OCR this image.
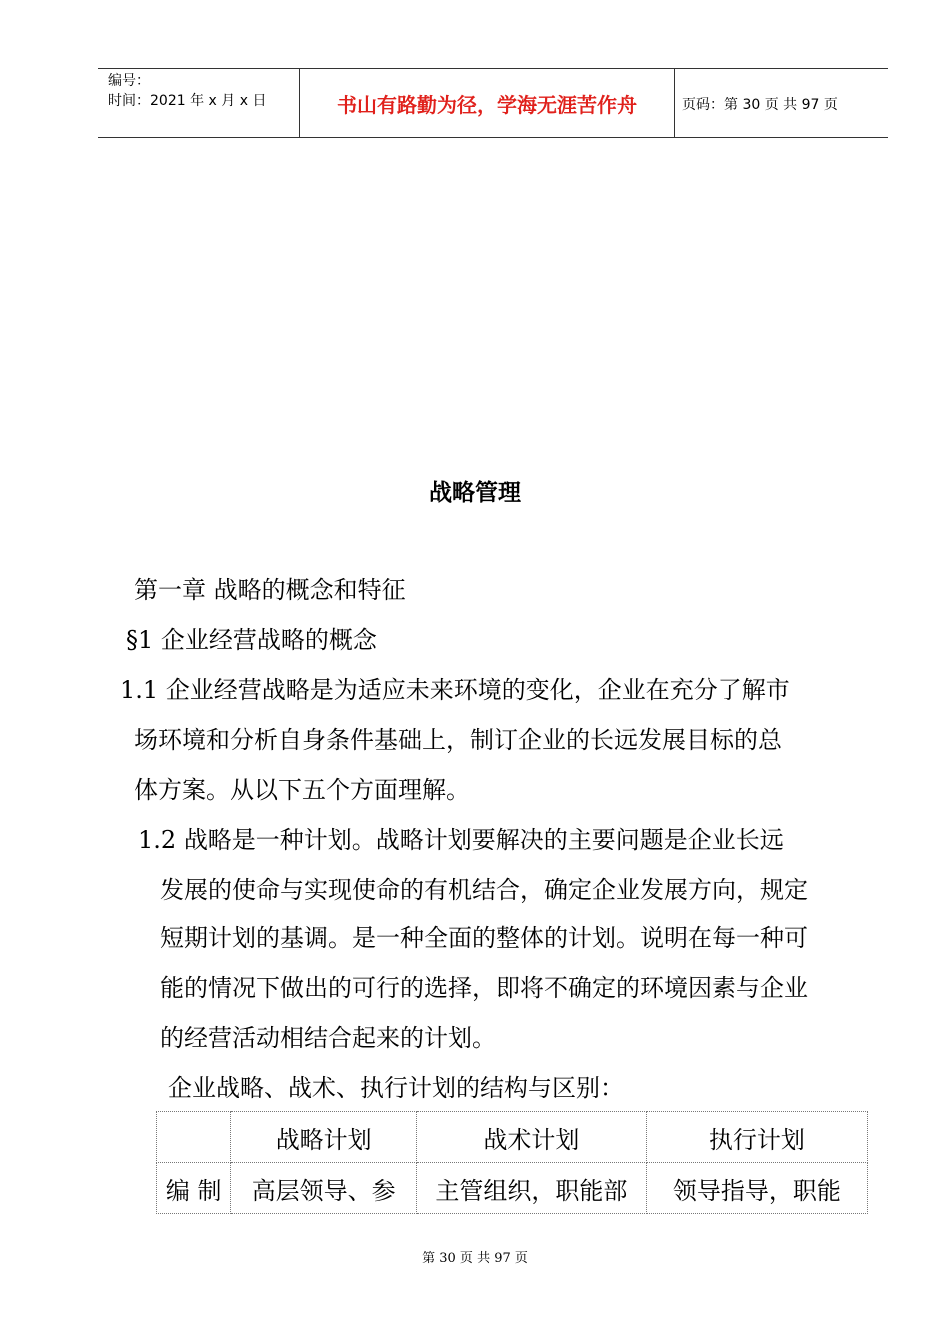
编号：
时间：2021 年 x 月 x 日	书山有路勤为径，学海无涯苦作舟	页码：第 30 页 共 97 页
战略管理
第一章 战略的概念和特征
§1 企业经营战略的概念
1.1 企业经营战略是为适应未来环境的变化，企业在充分了解市
场环境和分析自身条件基础上，制订企业的长远发展目标的总
体方案。从以下五个方面理解。
1.2 战略是一种计划。战略计划要解决的主要问题是企业长远
发展的使命与实现使命的有机结合，确定企业发展方向，规定
短期计划的基调。是一种全面的整体的计划。说明在每一种可
能的情况下做出的可行的选择，即将不确定的环境因素与企业
的经营活动相结合起来的计划。
企业战略、战术、执行计划的结构与区别：
	战略计划	战术计划	执行计划
编 制	高层领导、参	主管组织，职能部	领导指导，职能
第 30 页 共 97 页
